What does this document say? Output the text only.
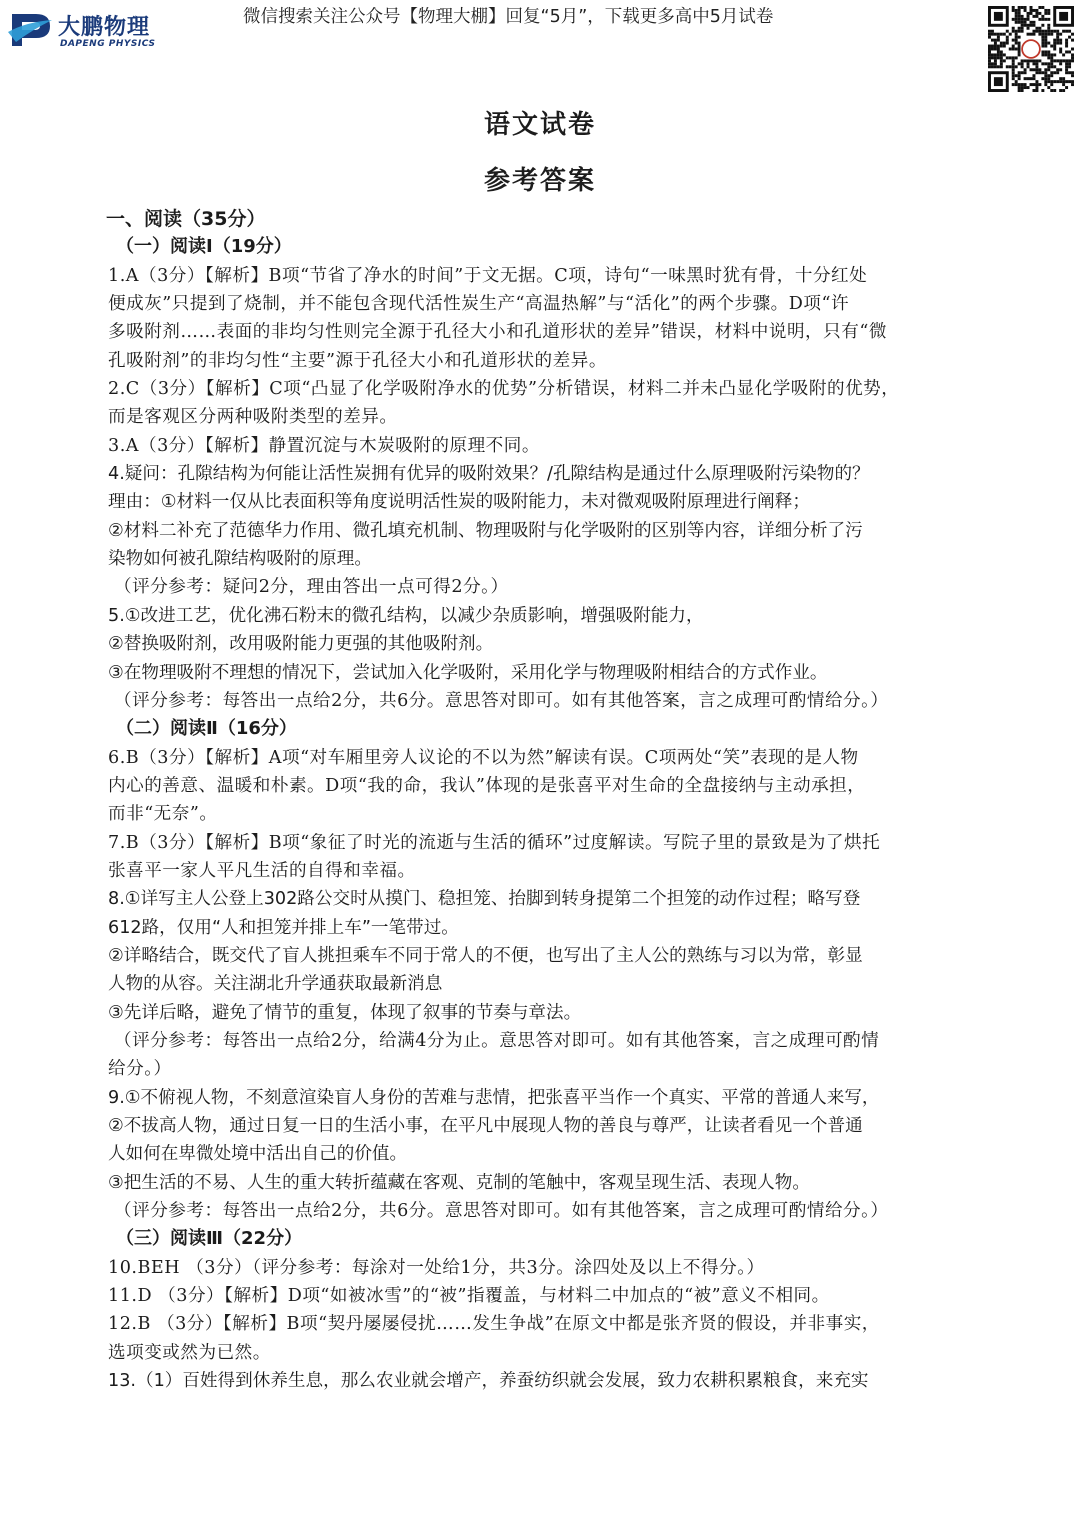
大鹏物理
DAPENG PHYSICS
微信搜索关注公众号【物理大棚】回复“5月”，下载更多高中5月试卷
语文试卷
参考答案
一、阅读（35分）
（一）阅读Ⅰ（19分）
1.A（3分）【解析】B项“节省了净水的时间”于文无据。C项，诗句“一味黑时犹有骨，十分红处
便成灰”只提到了烧制，并不能包含现代活性炭生产“高温热解”与“活化”的两个步骤。D项“许
多吸附剂……表面的非均匀性则完全源于孔径大小和孔道形状的差异”错误，材料中说明，只有“微
孔吸附剂”的非均匀性“主要”源于孔径大小和孔道形状的差异。
2.C（3分）【解析】C项“凸显了化学吸附净水的优势”分析错误，材料二并未凸显化学吸附的优势，
而是客观区分两种吸附类型的差异。
3.A（3分）【解析】静置沉淀与木炭吸附的原理不同。
4.疑问：孔隙结构为何能让活性炭拥有优异的吸附效果？/孔隙结构是通过什么原理吸附污染物的？
理由：①材料一仅从比表面积等角度说明活性炭的吸附能力，未对微观吸附原理进行阐释；
②材料二补充了范德华力作用、微孔填充机制、物理吸附与化学吸附的区别等内容，详细分析了污
染物如何被孔隙结构吸附的原理。
（评分参考：疑问2分，理由答出一点可得2分。）
5.①改进工艺，优化沸石粉末的微孔结构，以减少杂质影响，增强吸附能力，
②替换吸附剂，改用吸附能力更强的其他吸附剂。
③在物理吸附不理想的情况下，尝试加入化学吸附，采用化学与物理吸附相结合的方式作业。
（评分参考：每答出一点给2分，共6分。意思答对即可。如有其他答案，言之成理可酌情给分。）
（二）阅读Ⅱ（16分）
6.B（3分）【解析】A项“对车厢里旁人议论的不以为然”解读有误。C项两处“笑”表现的是人物
内心的善意、温暖和朴素。D项“我的命，我认”体现的是张喜平对生命的全盘接纳与主动承担，
而非“无奈”。
7.B（3分）【解析】B项“象征了时光的流逝与生活的循环”过度解读。写院子里的景致是为了烘托
张喜平一家人平凡生活的自得和幸福。
8.①详写主人公登上302路公交时从摸门、稳担笼、抬脚到转身提第二个担笼的动作过程；略写登
612路，仅用“人和担笼并排上车”一笔带过。
②详略结合，既交代了盲人挑担乘车不同于常人的不便，也写出了主人公的熟练与习以为常，彰显
人物的从容。关注湖北升学通获取最新消息
③先详后略，避免了情节的重复，体现了叙事的节奏与章法。
（评分参考：每答出一点给2分，给满4分为止。意思答对即可。如有其他答案，言之成理可酌情
给分。）
9.①不俯视人物，不刻意渲染盲人身份的苦难与悲情，把张喜平当作一个真实、平常的普通人来写，
②不拔高人物，通过日复一日的生活小事，在平凡中展现人物的善良与尊严，让读者看见一个普通
人如何在卑微处境中活出自己的价值。
③把生活的不易、人生的重大转折蕴藏在客观、克制的笔触中，客观呈现生活、表现人物。
（评分参考：每答出一点给2分，共6分。意思答对即可。如有其他答案，言之成理可酌情给分。）
（三）阅读Ⅲ（22分）
10.BEH （3分）（评分参考：每涂对一处给1分，共3分。涂四处及以上不得分。）
11.D （3分）【解析】D项“如被冰雪”的“被”指覆盖，与材料二中加点的“被”意义不相同。
12.B （3分）【解析】B项“契丹屡屡侵扰……发生争战”在原文中都是张齐贤的假设，并非事实，
选项变或然为已然。
13.（1）百姓得到休养生息，那么农业就会增产，养蚕纺织就会发展，致力农耕积累粮食，来充实
